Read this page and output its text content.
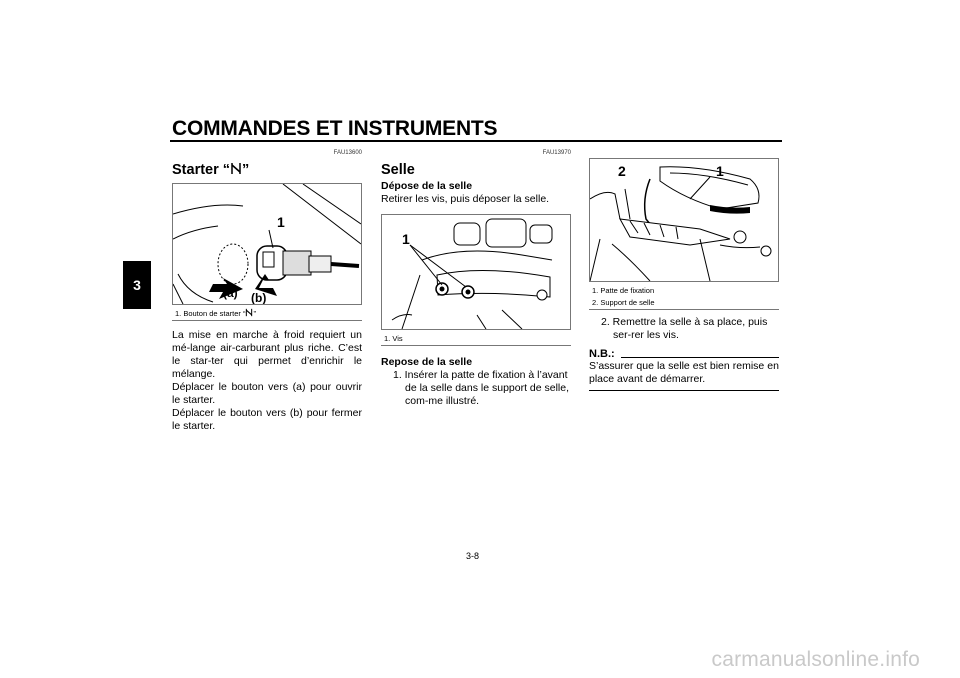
COMMANDES ET INSTRUMENTS
3
FAU13600
Starter “ ”
1
(a) (b)
1. Bouton de starter “ ”

La mise en marche à froid requiert un mé-lange air-carburant plus riche. C’est le star-ter qui permet d’enrichir le mélange.

Déplacer le bouton vers (a) pour ouvrir le starter.

Déplacer le bouton vers (b) pour fermer le starter.

FAU13970
Selle
Dépose de la selle
Retirer les vis, puis déposer la selle.
1
1. Vis
Repose de la selle
1. Insérer la patte de fixation à l’avant de la selle dans le support de selle, com-me illustré.
2	1
1. Patte de fixation
2. Support de selle
2. Remettre la selle à sa place, puis ser-rer les vis.
N.B.:
S’assurer que la selle est bien remise en place avant de démarrer.
3-8
carmanualsonline.info
